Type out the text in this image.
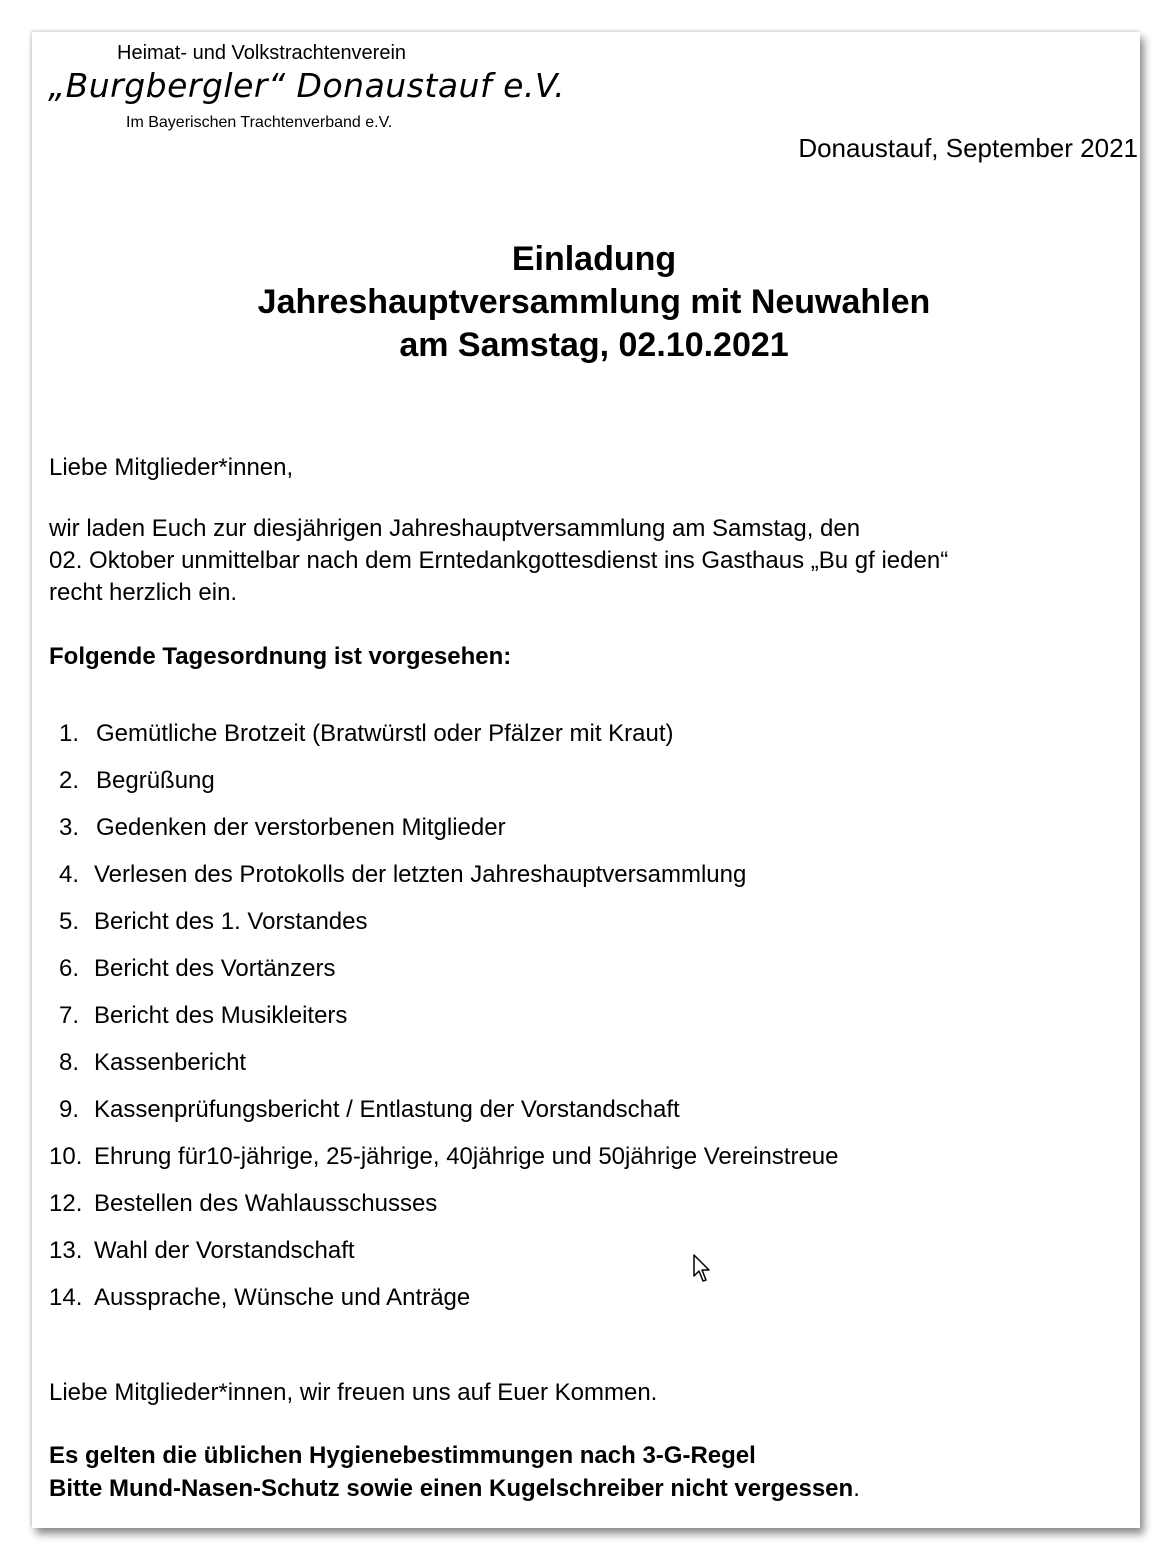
Heimat- und Volkstrachtenverein
„Burgbergler“ Donaustauf e.V.
Im Bayerischen Trachtenverband e.V.
Donaustauf, September 2021
Einladung
Jahreshauptversammlung mit Neuwahlen
am Samstag, 02.10.2021
Liebe Mitglieder*innen,
wir laden Euch zur diesjährigen Jahreshauptversammlung am Samstag, den
02. Oktober unmittelbar nach dem Erntedankgottesdienst ins Gasthaus „Bu gf ieden“
recht herzlich ein.
Folgende Tagesordnung ist vorgesehen:
1. Gemütliche Brotzeit (Bratwürstl oder Pfälzer mit Kraut)
2. Begrüßung
3. Gedenken der verstorbenen Mitglieder
4. Verlesen des Protokolls der letzten Jahreshauptversammlung
5. Bericht des 1. Vorstandes
6. Bericht des Vortänzers
7. Bericht des Musikleiters
8. Kassenbericht
9. Kassenprüfungsbericht / Entlastung der Vorstandschaft
10. Ehrung für10-jährige, 25-jährige, 40jährige und 50jährige Vereinstreue
12. Bestellen des Wahlausschusses
13. Wahl der Vorstandschaft
14. Aussprache, Wünsche und Anträge
Liebe Mitglieder*innen, wir freuen uns auf Euer Kommen.
Es gelten die üblichen Hygienebestimmungen nach 3-G-Regel
Bitte Mund-Nasen-Schutz sowie einen Kugelschreiber nicht vergessen.
